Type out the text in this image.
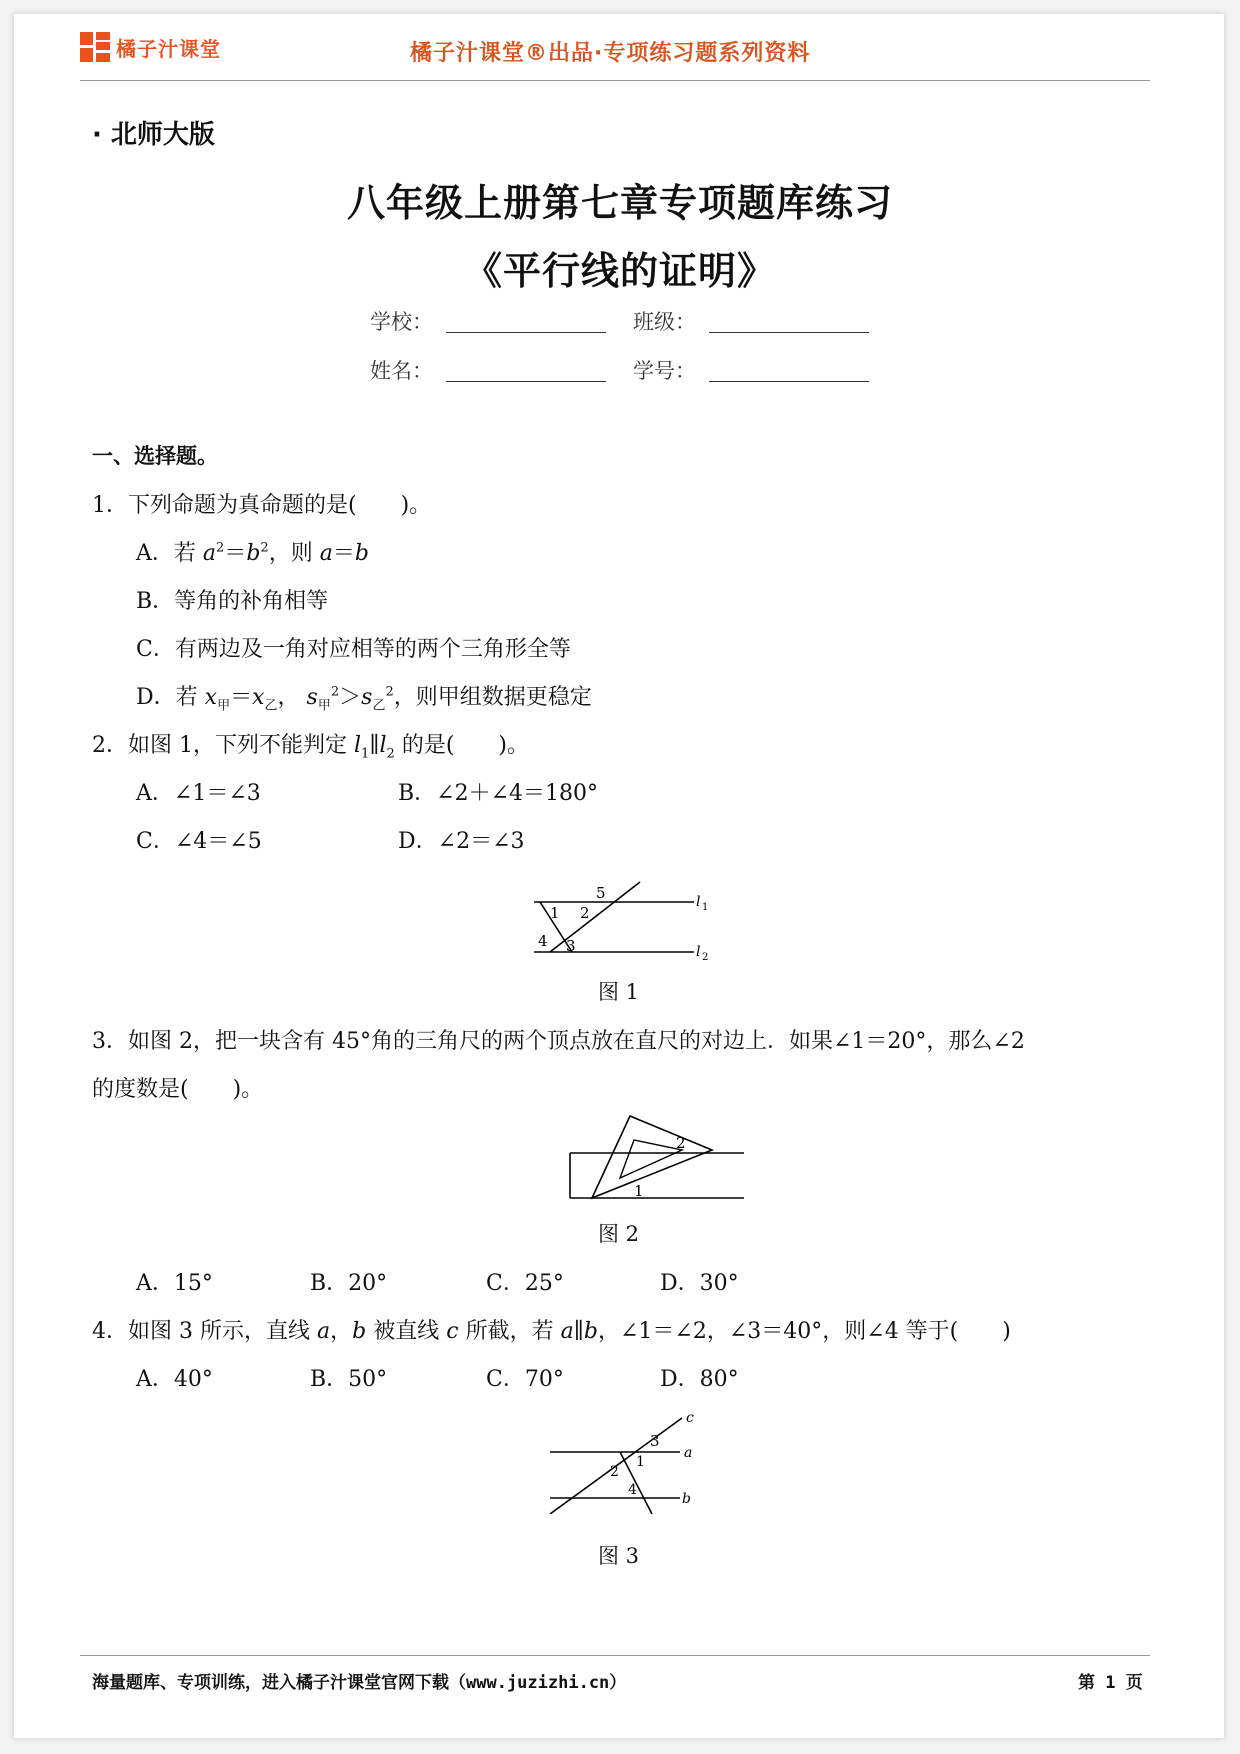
橘子汁课堂	橘子汁课堂®出品·专项练习题系列资料
· 北师大版
八年级上册第七章专项题库练习
《平行线的证明》
学校：	班级：
姓名：	学号：
一、选择题。
1．下列命题为真命题的是(　　)。
A．若 $a^2=b^2$，则 a＝b
B．等角的补角相等
C．有两边及一角对应相等的两个三角形全等
D．若 $x_甲=x_乙$， $s_甲^2>s_乙^2$，则甲组数据更稳定
2．如图 1，下列不能判定 $l_1\parallel l_2$ 的是(　　)。
A．∠1＝∠3	B．∠2＋∠4＝180°
C．∠4＝∠5	D．∠2＝∠3
1 2
3
4
5	l 1
l 2
图 1
3．如图 2，把一块含有 45°角的三角尺的两个顶点放在直尺的对边上．如果∠1＝20°，那么∠2
的度数是(　　)。
2
1
图 2
A．15°	B．20°	C．25°	D．30°
4．如图 3 所示，直线 a，b 被直线 c 所截，若 a∥b，∠1＝∠2，∠3＝40°，则∠4 等于(　　)
A．40°	B．50°	C．70°	D．80°
c
3
a
1
2
4
b
图 3
海量题库、专项训练，进入橘子汁课堂官网下载（www.juzizhi.cn）	第 1 页
